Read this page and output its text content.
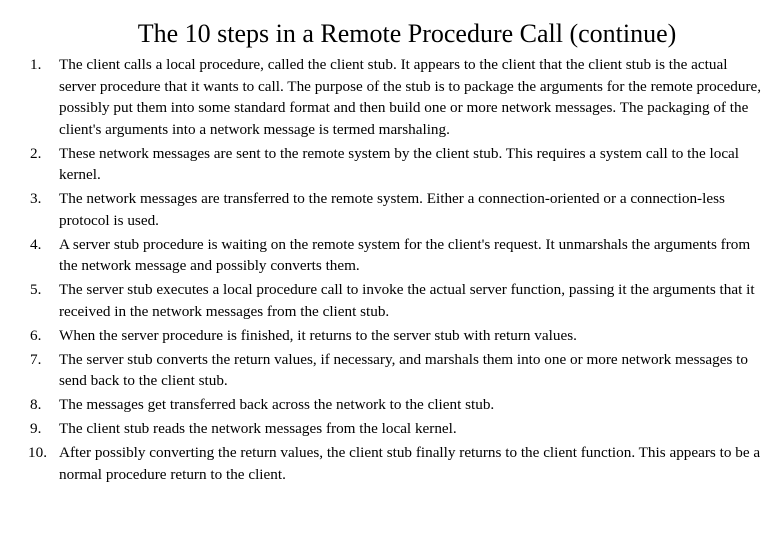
The 10 steps in a Remote Procedure Call (continue)
1.	The client calls a local procedure, called the client stub. It appears to the client that the client stub is the actual server procedure that it wants to call. The purpose of the stub is to package the arguments for the remote procedure, possibly put them into some standard format and then build one or more network messages. The packaging of the client's arguments into a network message is termed marshaling.
2.	These network messages are sent to the remote system by the client stub. This requires a system call to the local kernel.
3.	The network messages are transferred to the remote system. Either a connection-oriented or a connection-less protocol is used.
4.	A server stub procedure is waiting on the remote system for the client's request. It unmarshals the arguments from the network message and possibly converts them.
5.	The server stub executes a local procedure call to invoke the actual server function, passing it the arguments that it received in the network messages from the client stub.
6.	When the server procedure is finished, it returns to the server stub with return values.
7.	The server stub converts the return values, if necessary, and marshals them into one or more network messages to send back to the client stub.
8.	The messages get transferred back across the network to the client stub.
9.	The client stub reads the network messages from the local kernel.
10. After possibly converting the return values, the client stub finally returns to the client function. This appears to be a normal procedure return to the client.
